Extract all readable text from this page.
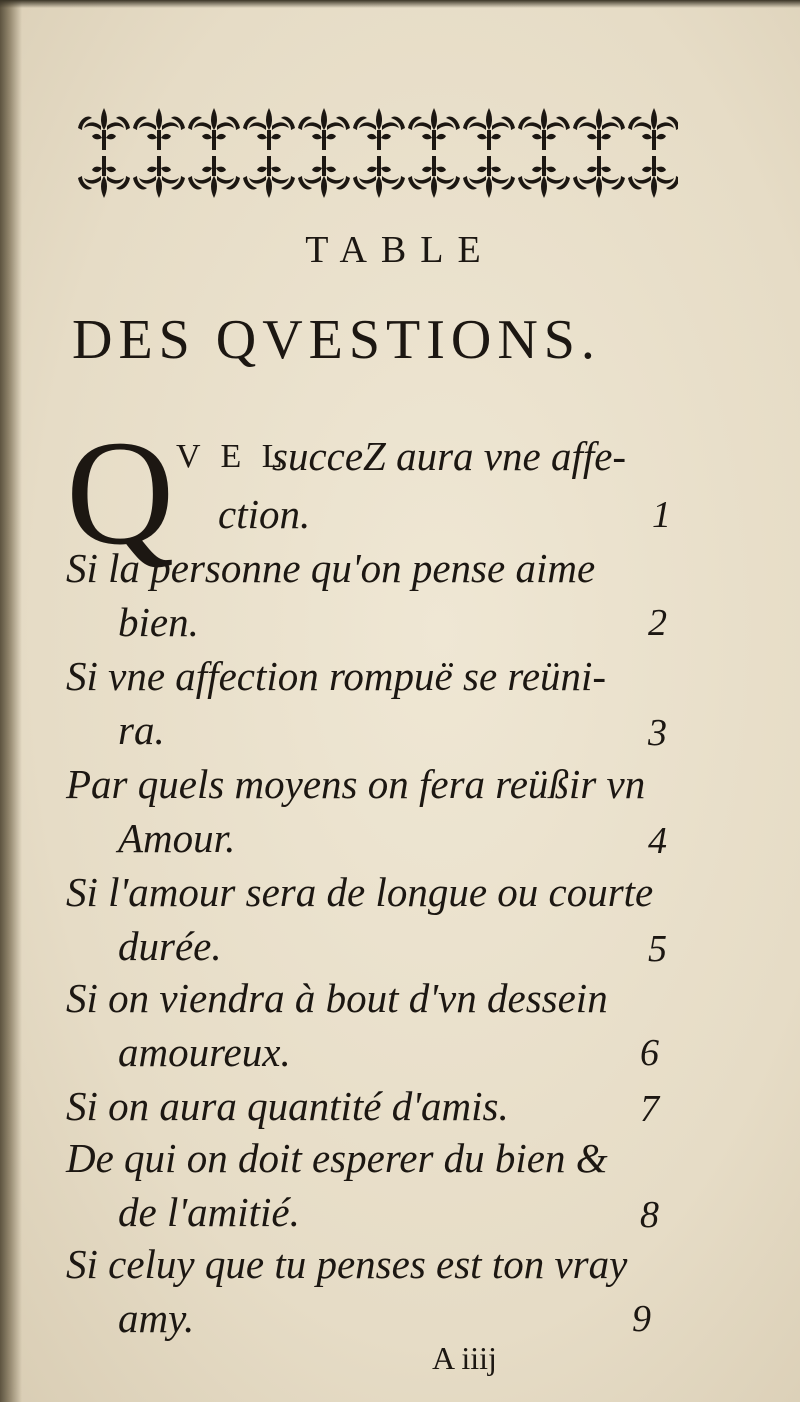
TABLE
DES QVESTIONS.
Q V E L
succeZ aura vne affe-
ction.	1
Si la personne qu'on pense aime
bien.	2
Si vne affection rompuë se reüni-
ra.	3
Par quels moyens on fera reüßir vn
Amour.	4
Si l'amour sera de longue ou courte
durée.	5
Si on viendra à bout d'vn dessein
amoureux.	6
Si on aura quantité d'amis.	7
De qui on doit esperer du bien &
de l'amitié.	8
Si celuy que tu penses est ton vray
amy.	9
A iiij
